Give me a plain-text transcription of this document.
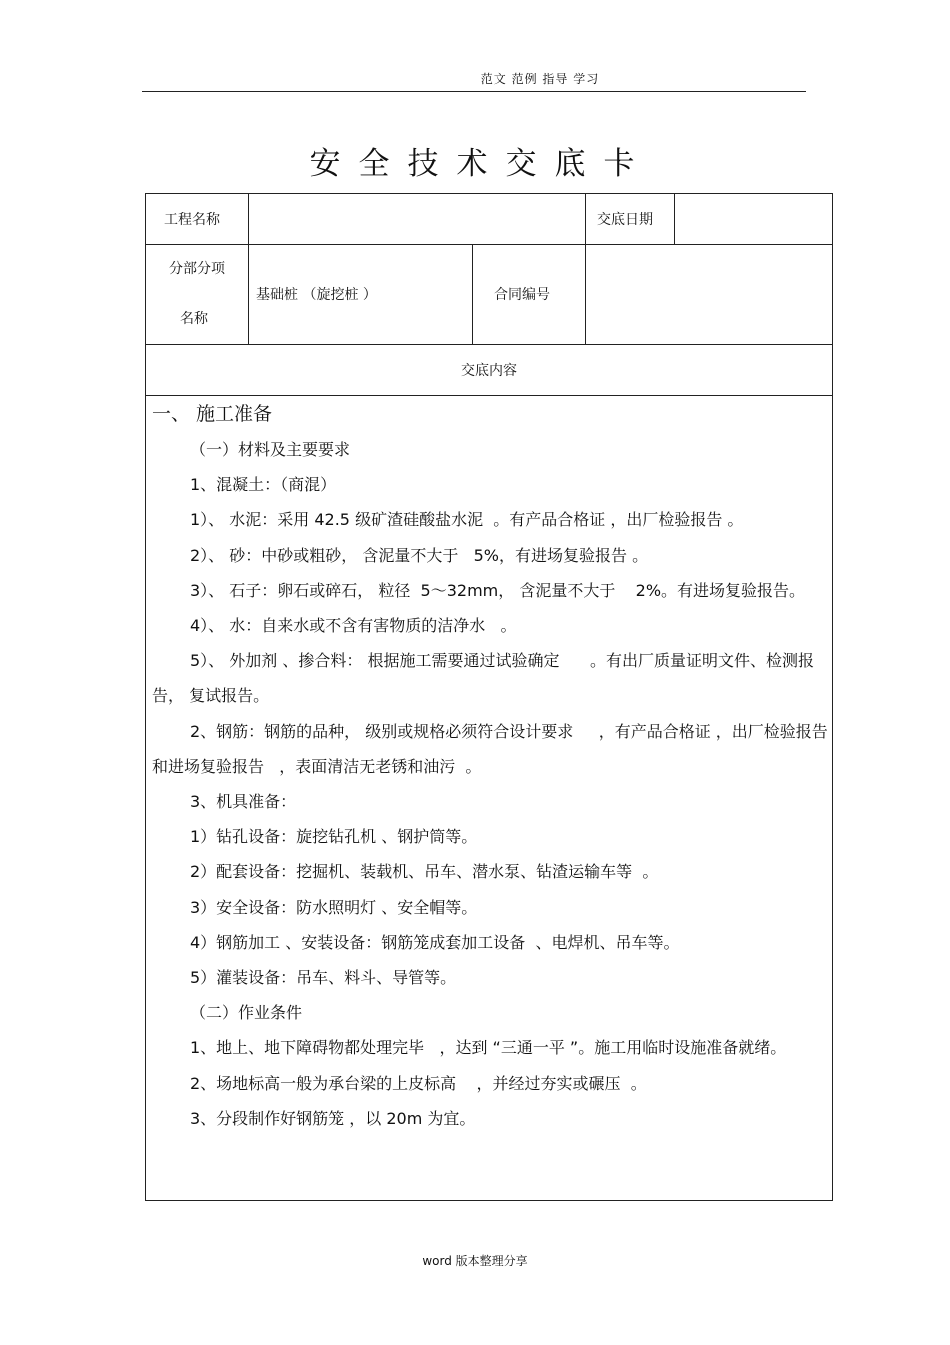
范文 范例 指导 学习
安全技术交底卡
工程名称	交底日期
分部分项
名称
基础桩 （旋挖桩 ）	合同编号
交底内容

一、 施工准备

（一）材料及主要要求

1、混凝土：（商混）

1）、 水泥：采用 42.5 级矿渣硅酸盐水泥  。有产品合格证 ，出厂检验报告 。

2）、 砂：中砂或粗砂， 含泥量不大于   5%，有进场复验报告 。

3）、 石子：卵石或碎石， 粒径  5～32mm， 含泥量不大于    2%。有进场复验报告。

4）、 水：自来水或不含有害物质的洁净水   。

5）、 外加剂 、掺合料： 根据施工需要通过试验确定      。有出厂质量证明文件、检测报告， 复试报告。

2、钢筋：钢筋的品种， 级别或规格必须符合设计要求     ，有产品合格证 ，出厂检验报告和进场复验报告   ，表面清洁无老锈和油污  。

3、机具准备：

1）钻孔设备：旋挖钻孔机 、钢护筒等。

2）配套设备：挖掘机、装载机、吊车、潜水泵、钻渣运输车等  。

3）安全设备：防水照明灯 、安全帽等。

4）钢筋加工 、安装设备：钢筋笼成套加工设备  、电焊机、吊车等。

5）灌装设备：吊车、料斗、导管等。

（二）作业条件

1、地上、地下障碍物都处理完毕   ，达到 “三通一平 ”。施工用临时设施准备就绪。

2、场地标高一般为承台梁的上皮标高    ，并经过夯实或碾压  。

3、分段制作好钢筋笼 ，以 20m 为宜。

word 版本整理分享
